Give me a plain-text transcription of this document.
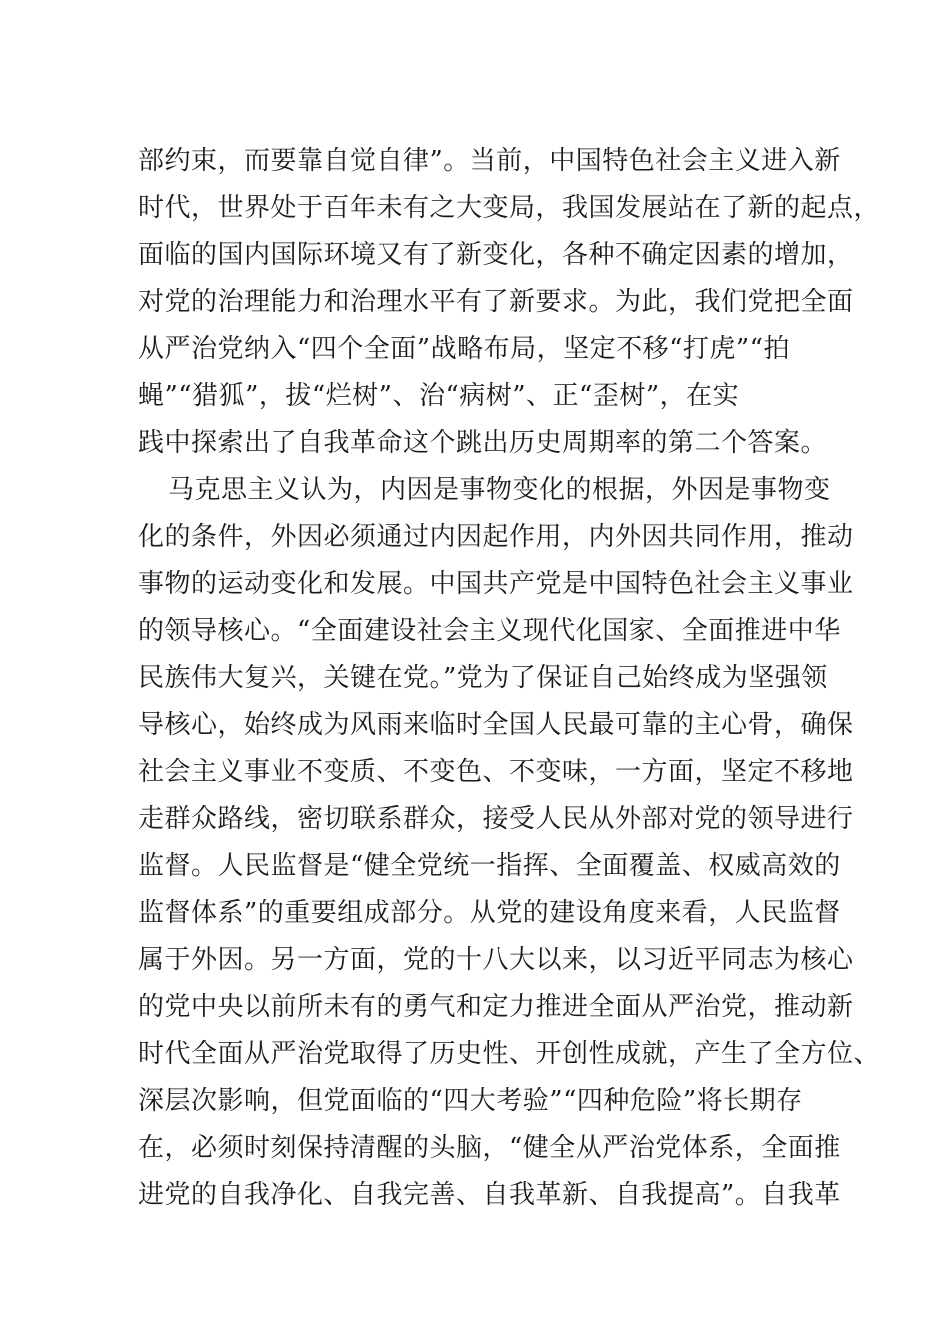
部约束，而要靠自觉自律”。当前，中国特色社会主义进入新
时代，世界处于百年未有之大变局，我国发展站在了新的起点，
面临的国内国际环境又有了新变化，各种不确定因素的增加，
对党的治理能力和治理水平有了新要求。为此，我们党把全面
从严治党纳入“四个全面”战略布局，坚定不移“打虎”“拍
蝇”“猎狐”，拔“烂树”、治“病树”、正“歪树”，在实
践中探索出了自我革命这个跳出历史周期率的第二个答案。
马克思主义认为，内因是事物变化的根据，外因是事物变
化的条件，外因必须通过内因起作用，内外因共同作用，推动
事物的运动变化和发展。中国共产党是中国特色社会主义事业
的领导核心。“全面建设社会主义现代化国家、全面推进中华
民族伟大复兴，关键在党。”党为了保证自己始终成为坚强领
导核心，始终成为风雨来临时全国人民最可靠的主心骨，确保
社会主义事业不变质、不变色、不变味，一方面，坚定不移地
走群众路线，密切联系群众，接受人民从外部对党的领导进行
监督。人民监督是“健全党统一指挥、全面覆盖、权威高效的
监督体系”的重要组成部分。从党的建设角度来看，人民监督
属于外因。另一方面，党的十八大以来，以习近平同志为核心
的党中央以前所未有的勇气和定力推进全面从严治党，推动新
时代全面从严治党取得了历史性、开创性成就，产生了全方位、
深层次影响，但党面临的“四大考验”“四种危险”将长期存
在，必须时刻保持清醒的头脑，“健全从严治党体系，全面推
进党的自我净化、自我完善、自我革新、自我提高”。自我革
